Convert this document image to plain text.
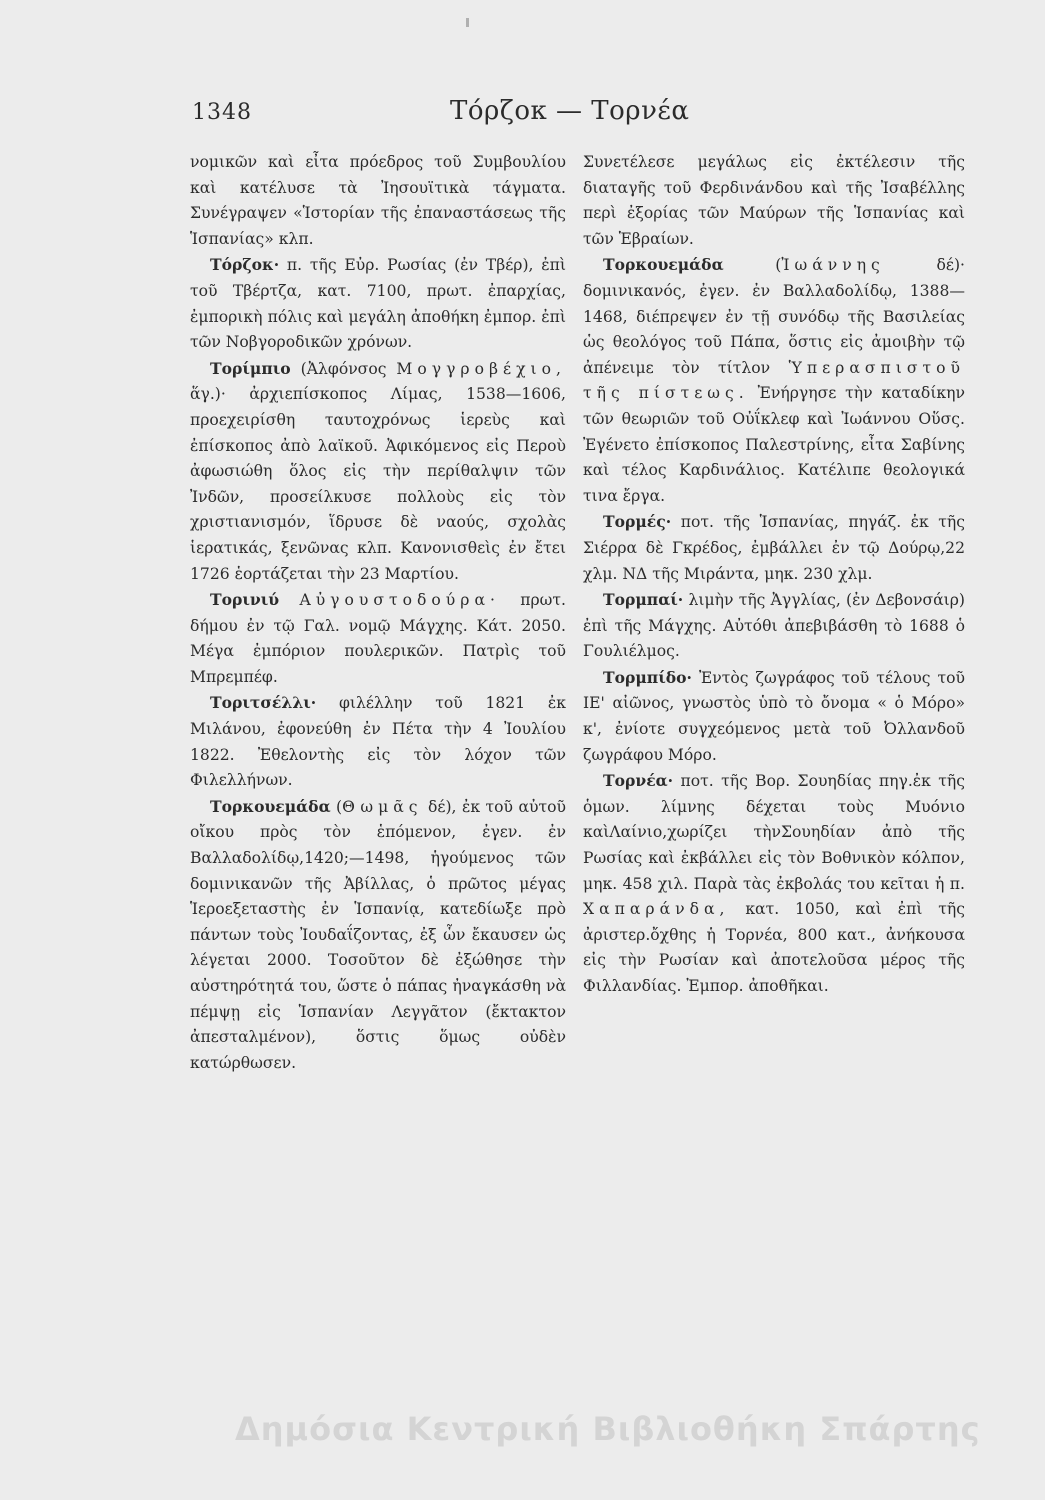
1348	Τόρζοκ — Τορνέα

νομικῶν καὶ εἶτα πρόεδρος τοῦ Συμβουλίου καὶ κατέλυσε τὰ Ἰησουϊτικὰ τάγματα. Συνέγραψεν «Ἱστορίαν τῆς ἐπαναστάσεως τῆς Ἱσπανίας» κλπ.

Τόρζοκ· π. τῆς Εὐρ. Ρωσίας (ἐν Τβέρ), ἐπὶ τοῦ Τβέρτζα, κατ. 7100, πρωτ. ἐπαρχίας, ἐμπορικὴ πόλις καὶ μεγάλη ἀποθήκη ἐμπορ. ἐπὶ τῶν Νοβγοροδικῶν χρόνων.

Τορίμπιο (Ἀλφόνσος Μογγροβέχιο, ἅγ.)· ἀρχιεπίσκοπος Λίμας, 1538—1606, προεχειρίσθη ταυτοχρόνως ἱερεὺς καὶ ἐπίσκοπος ἀπὸ λαϊκοῦ. Ἀφικόμενος εἰς Περοὺ ἀφωσιώθη ὅλος εἰς τὴν περίθαλψιν τῶν Ἰνδῶν, προσείλκυσε πολλοὺς εἰς τὸν χριστιανισμόν, ἵδρυσε δὲ ναούς, σχολὰς ἱερατικάς, ξενῶνας κλπ. Κανονισθεὶς ἐν ἔτει 1726 ἑορτάζεται τὴν 23 Μαρτίου.

Τορινιύ Αὐγουστοδούρα· πρωτ. δήμου ἐν τῷ Γαλ. νομῷ Μάγχης. Κάτ. 2050. Μέγα ἐμπόριον πουλερικῶν. Πατρὶς τοῦ Μπρεμπέφ.

Τοριτσέλλι· φιλέλλην τοῦ 1821 ἐκ Μιλάνου, ἐφονεύθη ἐν Πέτα τὴν 4 Ἰουλίου 1822. Ἐθελοντὴς εἰς τὸν λόχον τῶν Φιλελλήνων.

Τορκουεμάδα (Θ ωμᾶς δέ), ἐκ τοῦ αὐτοῦ οἴκου πρὸς τὸν ἑπόμενον, ἐγεν. ἐν Βαλλαδολίδῳ,1420;—1498, ἡγούμενος τῶν δομινικανῶν τῆς Ἀβίλλας, ὁ πρῶτος μέγας Ἱεροεξεταστὴς ἐν Ἱσπανίᾳ, κατεδίωξε πρὸ πάντων τοὺς Ἰουδαΐζοντας, ἐξ ὧν ἔκαυσεν ὡς λέγεται 2000. Τοσοῦτον δὲ ἐξώθησε τὴν αὐστηρότητά του, ὥστε ὁ πάπας ἠναγκάσθη νὰ πέμψῃ εἰς Ἱσπανίαν Λεγγᾶτον (ἔκτακτον ἀπεσταλμένον), ὅστις ὅμως οὐδὲν κατώρθωσεν.

Συνετέλεσε μεγάλως εἰς ἐκτέλεσιν τῆς διαταγῆς τοῦ Φερδινάνδου καὶ τῆς Ἰσαβέλλης περὶ ἐξορίας τῶν Μαύρων τῆς Ἱσπανίας καὶ τῶν Ἑβραίων.

Τορκουεμάδα	(Ἰωάννης	δέ)· δομινικανός, ἐγεν. ἐν Βαλλαδολίδῳ, 1388—1468, διέπρεψεν ἐν τῇ συνόδῳ τῆς Βασιλείας ὡς θεολόγος τοῦ Πάπα, ὅστις εἰς ἀμοιβὴν τῷ ἀπένειμε τὸν τίτλον Ὑπερασπιστοῦ τῆς πίστεως. Ἐνήργησε τὴν καταδίκην τῶν θεωριῶν τοῦ Οὐΐκλεφ καὶ Ἰωάννου Οὕσς. Ἐγένετο ἐπίσκοπος Παλεστρίνης, εἶτα Σαβίνης καὶ τέλος Καρδινάλιος. Κατέλιπε θεολογικά τινα ἔργα.

Τορμές· ποτ. τῆς Ἱσπανίας, πηγάζ. ἐκ τῆς Σιέρρα δὲ Γκρέδος, ἐμβάλλει ἐν τῷ Δούρῳ,22 χλμ. ΝΔ τῆς Μιράντα, μηκ. 230 χλμ.

Τορμπαί· λιμὴν τῆς Ἀγγλίας, (ἐν Δεβονσάιρ) ἐπὶ τῆς Μάγχης. Αὐτόθι ἀπεβιβάσθη τὸ 1688 ὁ Γουλιέλμος.

Τορμπίδο· Ἐντὸς ζωγράφος τοῦ τέλους τοῦ ΙΕ' αἰῶνος, γνωστὸς ὑπὸ τὸ ὄνομα « ὁ Μόρο» κ', ἐνίοτε συγχεόμενος μετὰ τοῦ Ὀλλανδοῦ ζωγράφου Μόρο.

Τορνέα· ποτ. τῆς Βορ. Σουηδίας πηγ.ἐκ τῆς ὁμων. λίμνης δέχεται τοὺς Μυόνιο καὶΛαίνιο,χωρίζει τὴνΣουηδίαν ἀπὸ τῆς Ρωσίας καὶ ἐκβάλλει εἰς τὸν Βοθνικὸν κόλπον, μηκ. 458 χιλ. Παρὰ τὰς ἐκβολάς του κεῖται ἡ π. Χαπαράνδα, κατ. 1050, καὶ ἐπὶ τῆς ἀριστερ.ὄχθης ἡ Τορνέα, 800 κατ., ἀνήκουσα εἰς τὴν Ρωσίαν καὶ ἀποτελοῦσα μέρος τῆς Φιλλανδίας. Ἐμπορ. ἀποθῆκαι.

Δημόσια Κεντρική Βιβλιοθήκη Σπάρτης
